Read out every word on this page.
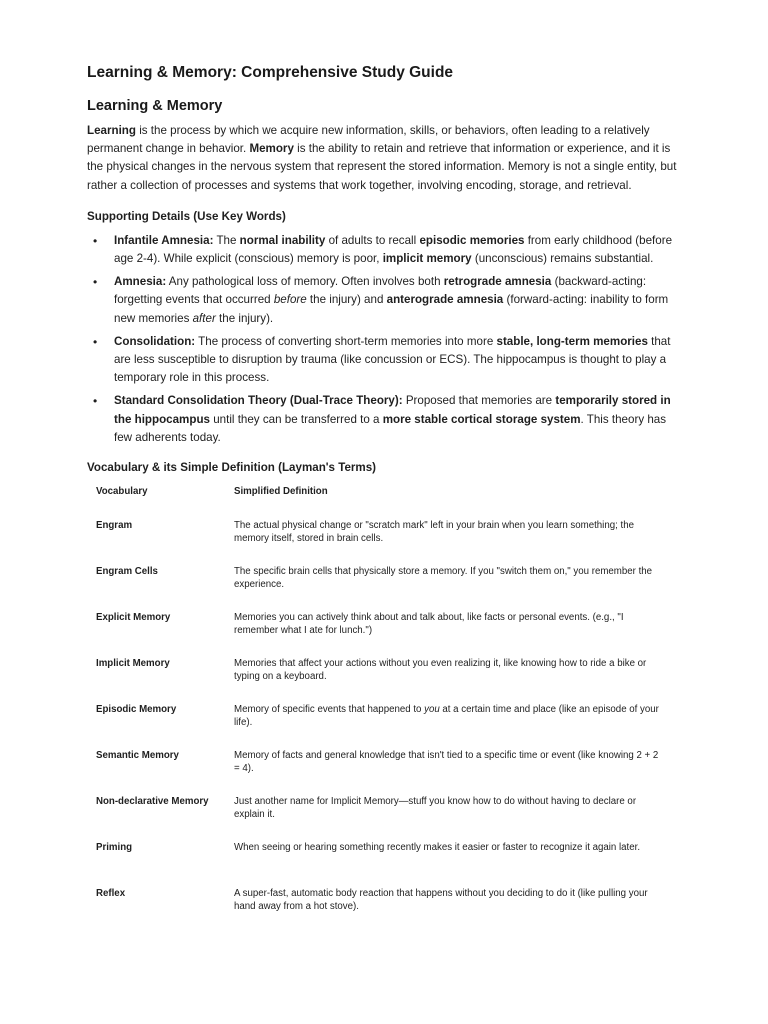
Learning & Memory: Comprehensive Study Guide
Learning & Memory

Learning is the process by which we acquire new information, skills, or behaviors, often leading to a relatively permanent change in behavior. Memory is the ability to retain and retrieve that information or experience, and it is the physical changes in the nervous system that represent the stored information. Memory is not a single entity, but rather a collection of processes and systems that work together, involving encoding, storage, and retrieval.

Supporting Details (Use Key Words)
• Infantile Amnesia: The normal inability of adults to recall episodic memories from early childhood (before age 2-4). While explicit (conscious) memory is poor, implicit memory (unconscious) remains substantial.
• Amnesia: Any pathological loss of memory. Often involves both retrograde amnesia (backward-acting: forgetting events that occurred before the injury) and anterograde amnesia (forward-acting: inability to form new memories after the injury).
• Consolidation: The process of converting short-term memories into more stable, long-term memories that are less susceptible to disruption by trauma (like concussion or ECS). The hippocampus is thought to play a temporary role in this process.
• Standard Consolidation Theory (Dual-Trace Theory): Proposed that memories are temporarily stored in the hippocampus until they can be transferred to a more stable cortical storage system. This theory has few adherents today.
Vocabulary & its Simple Definition (Layman's Terms)
Vocabulary	Simplified Definition
Engram	The actual physical change or "scratch mark" left in your brain when you learn something; the memory itself, stored in brain cells.
Engram Cells	The specific brain cells that physically store a memory. If you "switch them on," you remember the experience.
Explicit Memory	Memories you can actively think about and talk about, like facts or personal events. (e.g., "I remember what I ate for lunch.")
Implicit Memory	Memories that affect your actions without you even realizing it, like knowing how to ride a bike or typing on a keyboard.
Episodic Memory	Memory of specific events that happened to you at a certain time and place (like an episode of your life).
Semantic Memory	Memory of facts and general knowledge that isn't tied to a specific time or event (like knowing 2 + 2 = 4).
Non-declarative Memory	Just another name for Implicit Memory—stuff you know how to do without having to declare or explain it.
Priming	When seeing or hearing something recently makes it easier or faster to recognize it again later.
Reflex	A super-fast, automatic body reaction that happens without you deciding to do it (like pulling your hand away from a hot stove).
